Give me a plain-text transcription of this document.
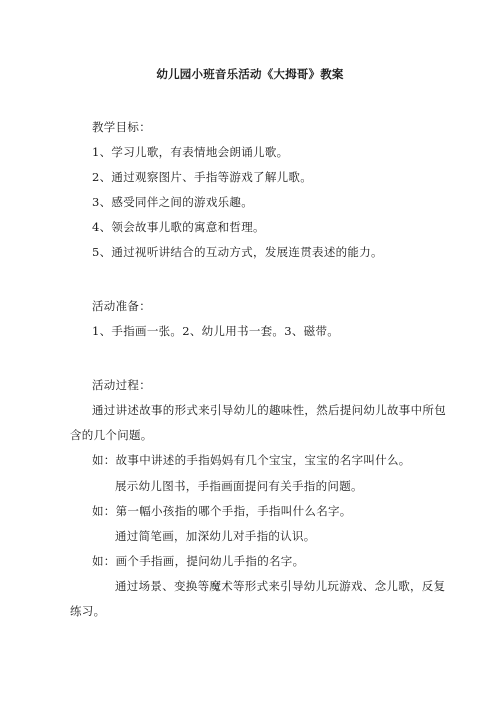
幼儿园小班音乐活动《大拇哥》教案
教学目标：
1、学习儿歌，有表情地会朗诵儿歌。
2、通过观察图片、手指等游戏了解儿歌。
3、感受同伴之间的游戏乐趣。
4、领会故事儿歌的寓意和哲理。
5、通过视听讲结合的互动方式，发展连贯表述的能力。
活动准备：
1、手指画一张。2、幼儿用书一套。3、磁带。
活动过程：
通过讲述故事的形式来引导幼儿的趣味性，然后提问幼儿故事中所包
含的几个问题。
如：故事中讲述的手指妈妈有几个宝宝，宝宝的名字叫什么。
展示幼儿图书，手指画面提问有关手指的问题。
如：第一幅小孩指的哪个手指，手指叫什么名字。
通过简笔画，加深幼儿对手指的认识。
如：画个手指画，提问幼儿手指的名字。
通过场景、变换等魔术等形式来引导幼儿玩游戏、念儿歌，反复
练习。
